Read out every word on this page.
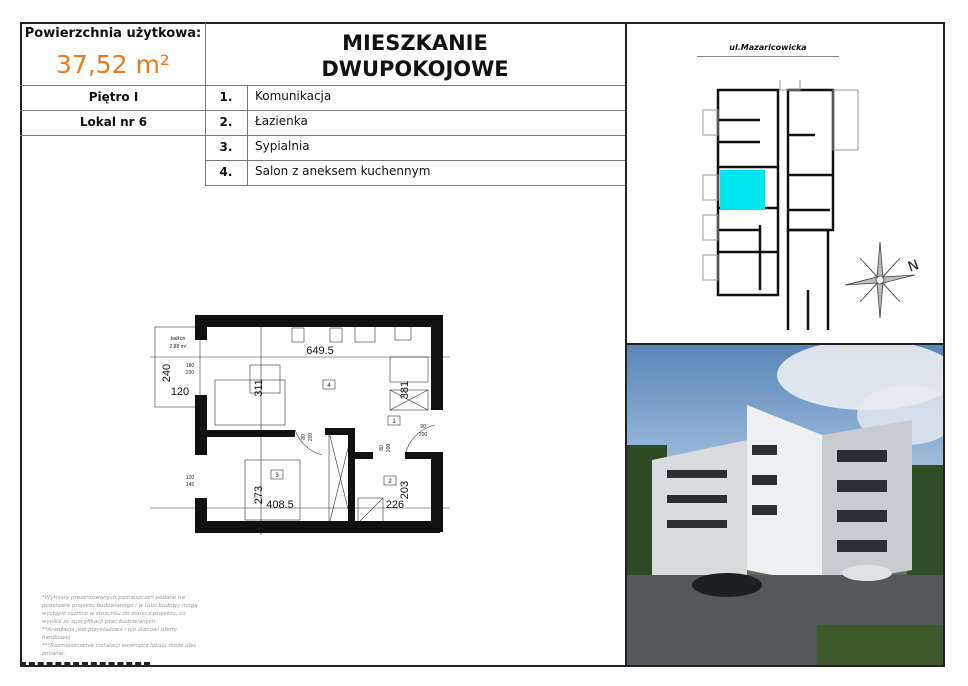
Powierzchnia użytkowa:
37,52 m²
MIESZKANIE
DWUPOKOJOWE
Piętro I
Lokal nr 6
1.	Komunikacja
2.	Łazienka
3.	Sypialnia
4.	Salon z aneksem kuchennym
649.5
311	381
240
120
273
408.5	226
203
balkon
2,88 m²
180
230
120
145
90
200
80 200
80 200
1
2
3
4
*Wymiary prezentowanych pomieszczeń podane na podstawie projektu budowlanego i w toku budowy mogą wystąpić różnice w stosunku do stanu z projektu, co wynika ze specyfikacji prac budowlanych.
**Aranżacja jest przykładowa i nie stanowi oferty handlowej.
***Rozmieszczenie instalacji wewnątrz lokalu może ulec zmianie.
ul.Mazaricowicka
N
